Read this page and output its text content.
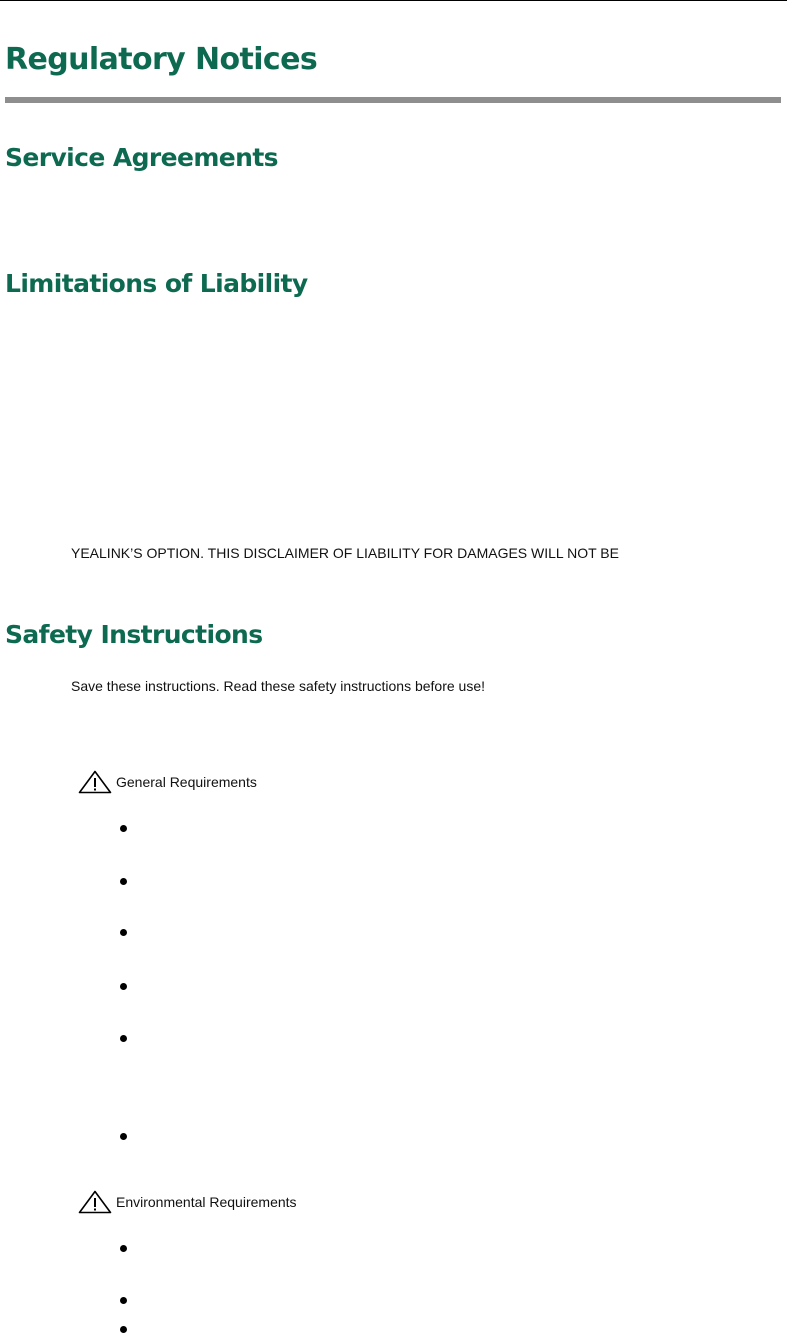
Regulatory Notices
Service Agreements
Limitations of Liability

YEALINK’S OPTION. THIS DISCLAIMER OF LIABILITY FOR DAMAGES WILL NOT BE

Safety Instructions

Save these instructions. Read these safety instructions before use!

General Requirements
Environmental Requirements
